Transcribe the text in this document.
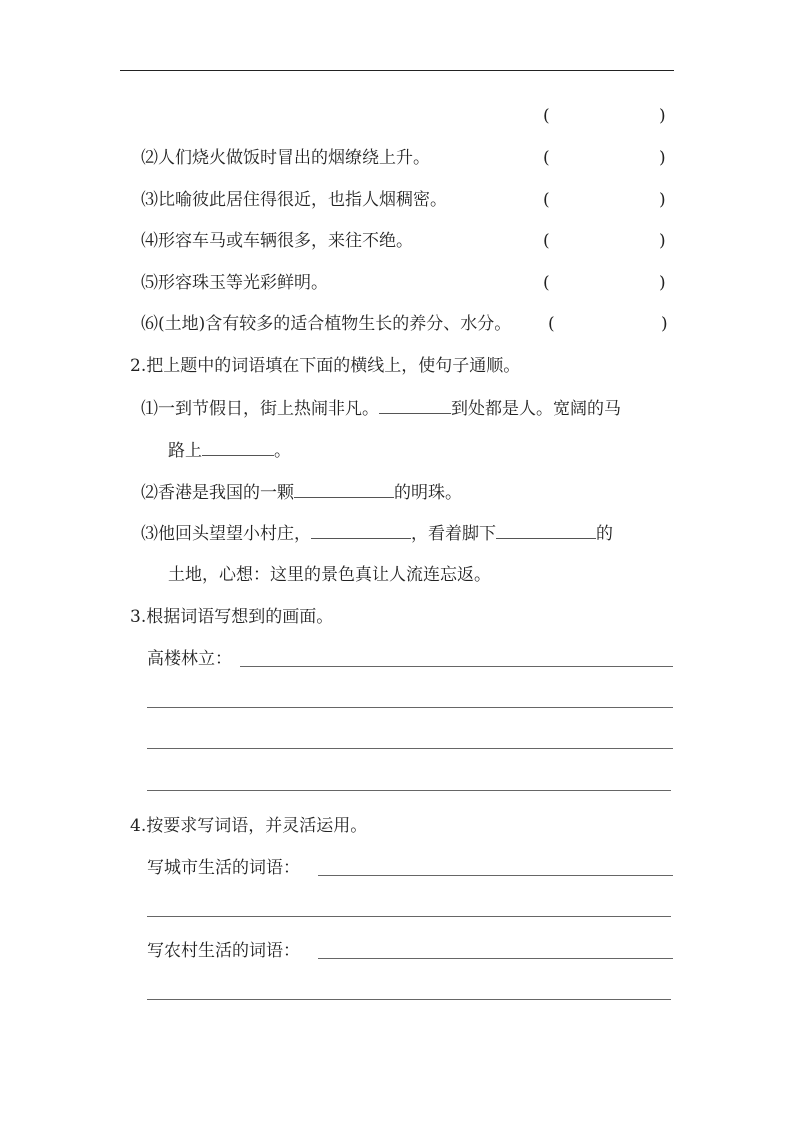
(	)
⑵人们烧火做饭时冒出的烟缭绕上升。	(	)
⑶比喻彼此居住得很近，也指人烟稠密。	(	)
⑷形容车马或车辆很多，来往不绝。	(	)
⑸形容珠玉等光彩鲜明。	(	)
⑹(土地)含有较多的适合植物生长的养分、水分。 (	)
2.把上题中的词语填在下面的横线上，使句子通顺。
⑴一到节假日，街上热闹非凡。	到处都是人。宽阔的马
路上	。
⑵香港是我国的一颗	的明珠。
⑶他回头望望小村庄，	，看着脚下	的
土地，心想：这里的景色真让人流连忘返。
3.根据词语写想到的画面。
高楼林立：
4.按要求写词语，并灵活运用。
写城市生活的词语：
写农村生活的词语：
